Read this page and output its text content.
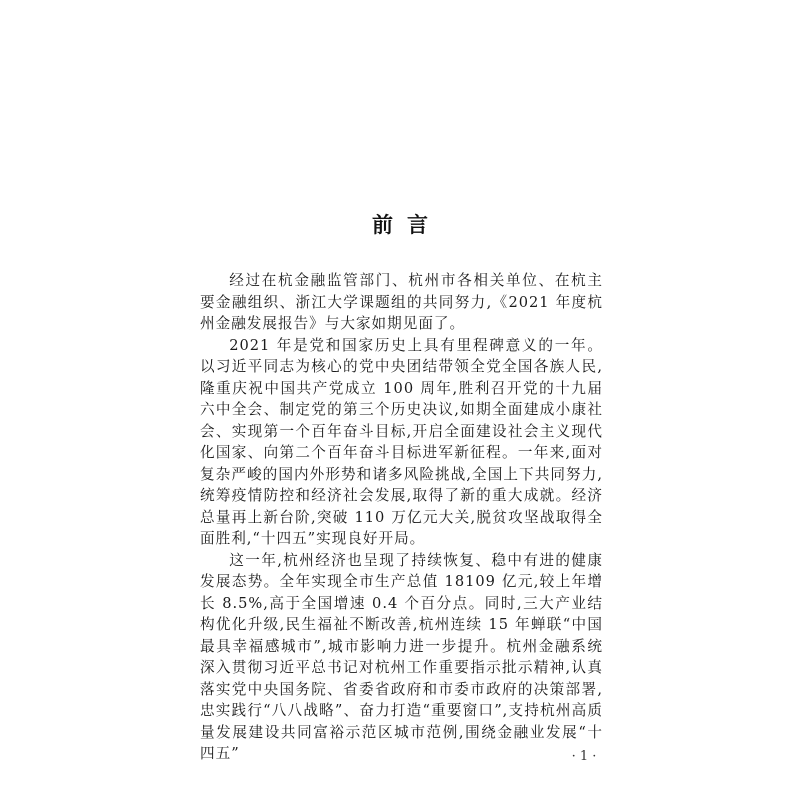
前言

经过在杭金融监管部门、杭州市各相关单位、在杭主要金融组织、浙江大学课题组的共同努力,《2021 年度杭州金融发展报告》与大家如期见面了。

2021 年是党和国家历史上具有里程碑意义的一年。以习近平同志为核心的党中央团结带领全党全国各族人民,隆重庆祝中国共产党成立 100 周年,胜利召开党的十九届六中全会、制定党的第三个历史决议,如期全面建成小康社会、实现第一个百年奋斗目标,开启全面建设社会主义现代化国家、向第二个百年奋斗目标进军新征程。一年来,面对复杂严峻的国内外形势和诸多风险挑战,全国上下共同努力,统筹疫情防控和经济社会发展,取得了新的重大成就。经济总量再上新台阶,突破 110 万亿元大关,脱贫攻坚战取得全面胜利,“十四五”实现良好开局。

这一年,杭州经济也呈现了持续恢复、稳中有进的健康发展态势。全年实现全市生产总值 18109 亿元,较上年增长 8.5%,高于全国增速 0.4 个百分点。同时,三大产业结构优化升级,民生福祉不断改善,杭州连续 15 年蝉联“中国最具幸福感城市”,城市影响力进一步提升。杭州金融系统深入贯彻习近平总书记对杭州工作重要指示批示精神,认真落实党中央国务院、省委省政府和市委市政府的决策部署,忠实践行“八八战略”、奋力打造“重要窗口”,支持杭州高质量发展建设共同富裕示范区城市范例,围绕金融业发展“十四五”	· 1 ·
